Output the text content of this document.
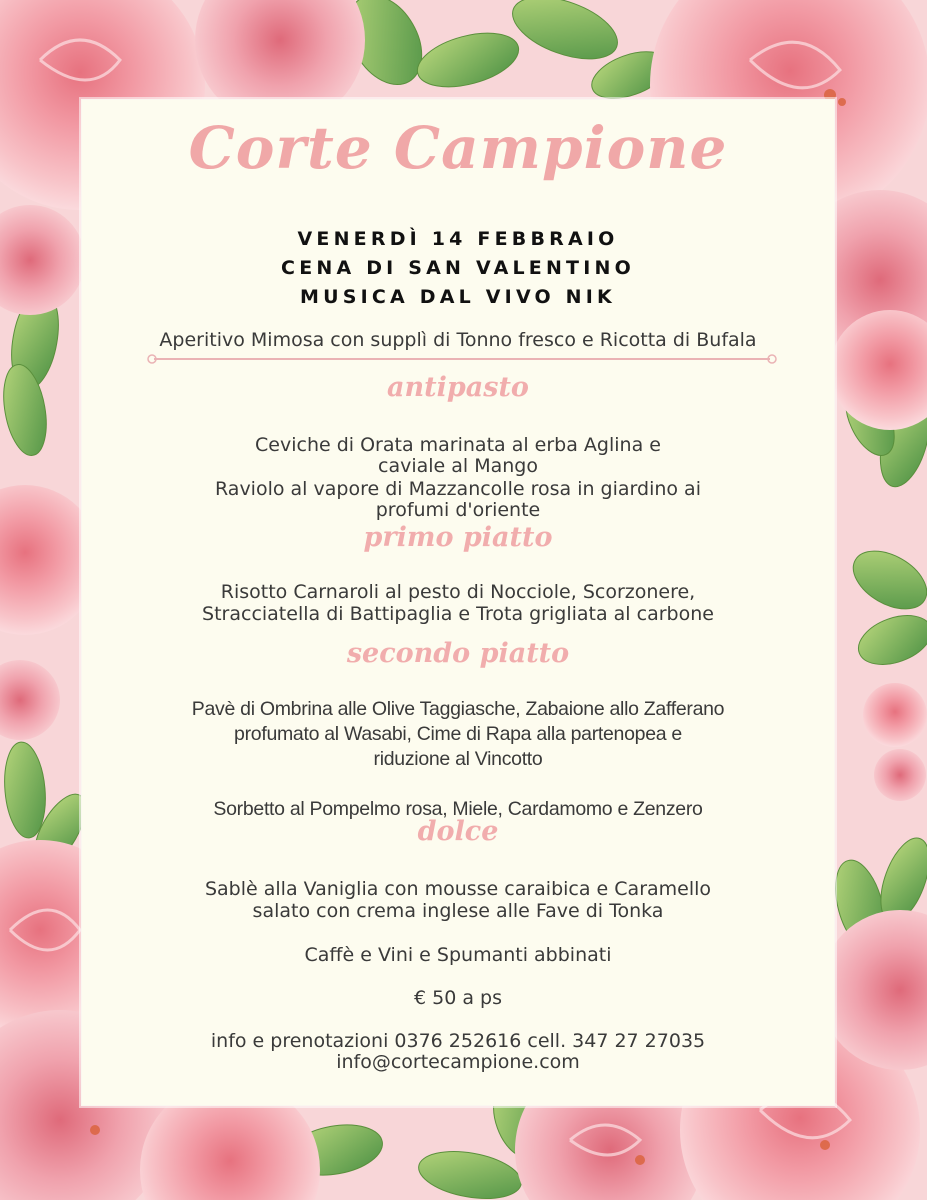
Corte Campione
VENERDÌ 14 FEBBRAIO
CENA DI SAN VALENTINO
MUSICA DAL VIVO NIK
Aperitivo Mimosa con supplì di Tonno fresco e Ricotta di Bufala
antipasto
Ceviche di Orata marinata al erba Aglina e
caviale al Mango
Raviolo al vapore di Mazzancolle rosa in giardino ai
profumi d'oriente
primo piatto
Risotto Carnaroli al pesto di Nocciole, Scorzonere,
Stracciatella di Battipaglia e Trota grigliata al carbone
secondo piatto
Pavè di Ombrina alle Olive Taggiasche, Zabaione allo Zafferano
profumato al Wasabi, Cime di Rapa alla partenopea e
riduzione al Vincotto
Sorbetto al Pompelmo rosa, Miele, Cardamomo e Zenzero
dolce
Sablè alla Vaniglia con mousse caraibica e Caramello
salato con crema inglese alle Fave di Tonka
Caffè e Vini e Spumanti abbinati
€ 50 a ps
info e prenotazioni 0376 252616 cell. 347 27 27035
info@cortecampione.com
